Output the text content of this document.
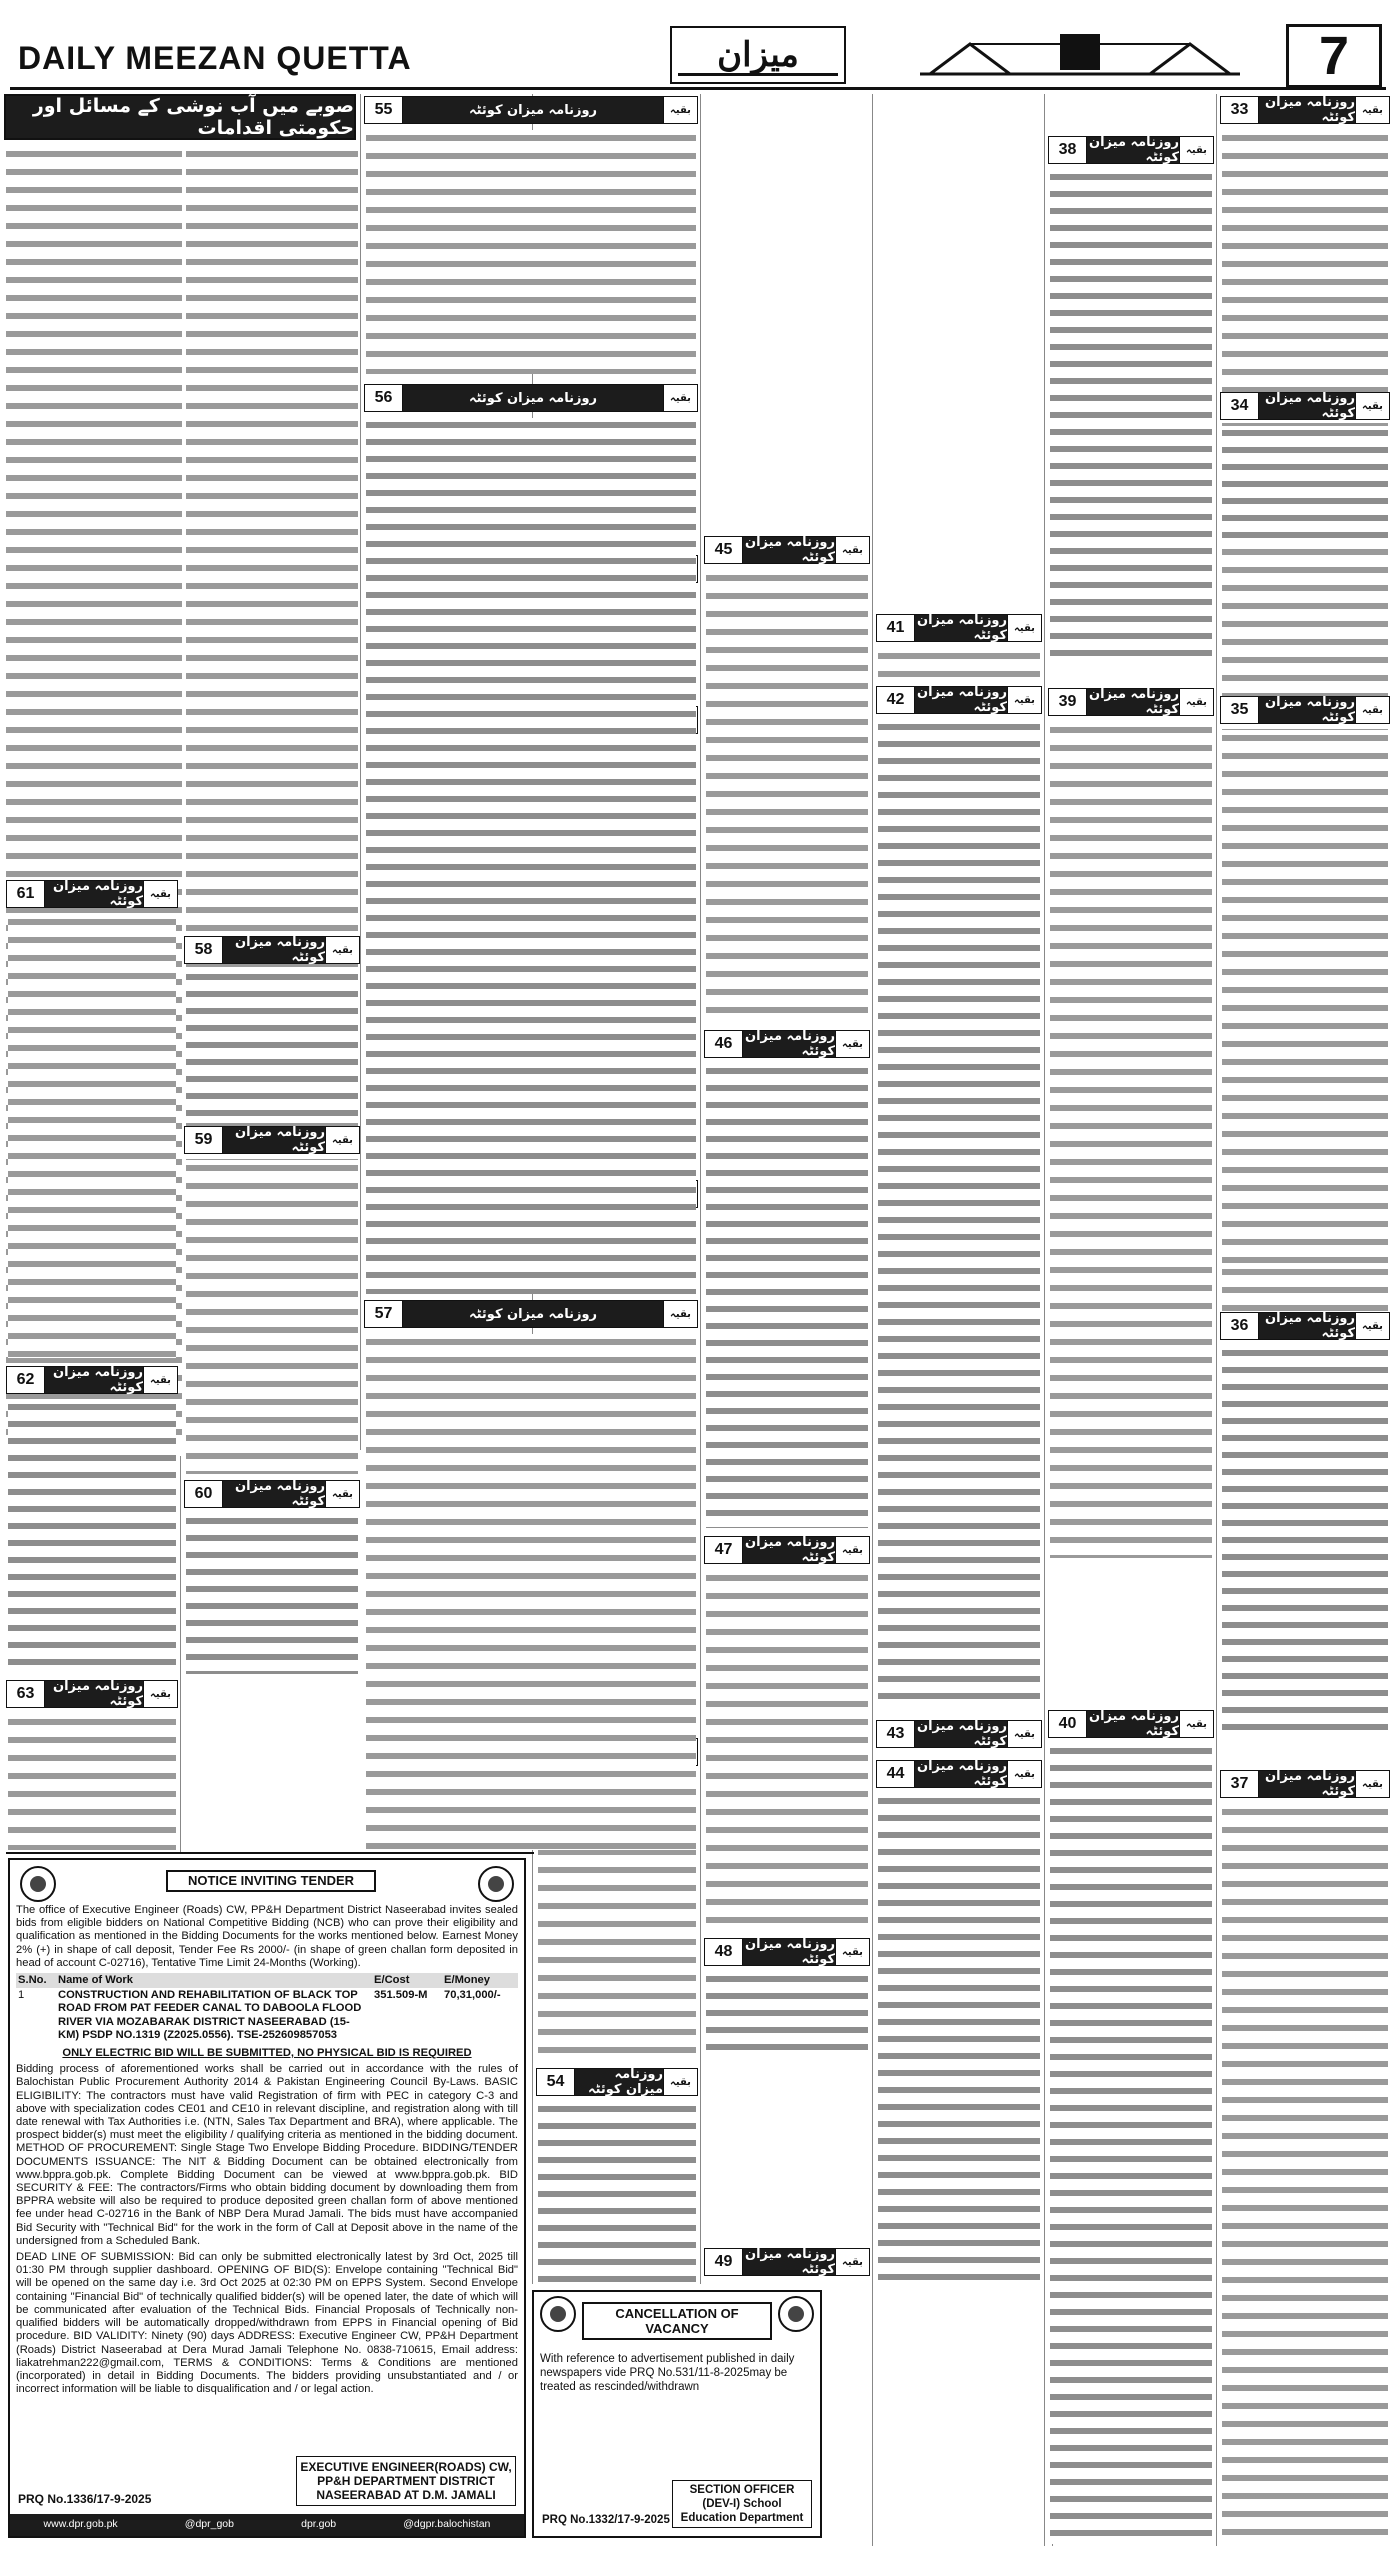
DAILY MEEZAN QUETTA	میزان	7
صوبے میں آب نوشی کے مسائل اور حکومتی اقدامات
33	روزنامہ میزان کوئٹہ بقیہ
34	روزنامہ میزان کوئٹہ بقیہ
35	روزنامہ میزان کوئٹہ بقیہ
36	روزنامہ میزان کوئٹہ بقیہ
37	روزنامہ میزان کوئٹہ بقیہ
38 روزنامہ میزان کوئٹہ بقیہ
39 روزنامہ میزان کوئٹہ بقیہ
40 روزنامہ میزان کوئٹہ بقیہ
41 روزنامہ میزان کوئٹہ بقیہ
42 روزنامہ میزان کوئٹہ بقیہ
43 روزنامہ میزان کوئٹہ بقیہ
44 روزنامہ میزان کوئٹہ بقیہ
45 روزنامہ میزان کوئٹہ بقیہ
46 روزنامہ میزان کوئٹہ بقیہ
47 روزنامہ میزان کوئٹہ بقیہ
48 روزنامہ میزان کوئٹہ بقیہ
49 روزنامہ میزان کوئٹہ بقیہ
54	روزنامہ میزان کوئٹہ بقیہ
55	روزنامہ میزان کوئٹہ	بقیہ
56	روزنامہ میزان کوئٹہ	بقیہ
57	روزنامہ میزان کوئٹہ	بقیہ
58	روزنامہ میزان کوئٹہ بقیہ
59	روزنامہ میزان کوئٹہ بقیہ
60	روزنامہ میزان کوئٹہ بقیہ
61	روزنامہ میزان کوئٹہ بقیہ
62	روزنامہ میزان کوئٹہ بقیہ
63	روزنامہ میزان کوئٹہ بقیہ
NOTICE INVITING TENDER

The office of Executive Engineer (Roads) CW, PP&H Department District Naseerabad invites sealed bids from eligible bidders on National Competitive Bidding (NCB) who can prove their eligibility and qualification as mentioned in the Bidding Documents for the works mentioned below. Earnest Money 2% (+) in shape of call deposit, Tender Fee Rs 2000/- (in shape of green challan form deposited in head of account C-02716), Tentative Time Limit 24-Months (Working).

S.No.	Name of Work	E/Cost	E/Money
1	CONSTRUCTION AND REHABILITATION OF BLACK TOP ROAD FROM PAT FEEDER CANAL TO DABOOLA FLOOD RIVER VIA MOZABARAK DISTRICT NASEERABAD (15-KM) PSDP NO.1319 (Z2025.0556). TSE-252609857053	351.509-M	70,31,000/-

ONLY ELECTRIC BID WILL BE SUBMITTED, NO PHYSICAL BID IS REQUIRED

Bidding process of aforementioned works shall be carried out in accordance with the rules of Balochistan Public Procurement Authority 2014 & Pakistan Engineering Council By-Laws. BASIC ELIGIBILITY: The contractors must have valid Registration of firm with PEC in category C-3 and above with specialization codes CE01 and CE10 in relevant discipline, and registration along with till date renewal with Tax Authorities i.e. (NTN, Sales Tax Department and BRA), where applicable. The prospect bidder(s) must meet the eligibility / qualifying criteria as mentioned in the bidding document. METHOD OF PROCUREMENT: Single Stage Two Envelope Bidding Procedure. BIDDING/TENDER DOCUMENTS ISSUANCE: The NIT & Bidding Document can be obtained electronically from www.bppra.gob.pk. Complete Bidding Document can be viewed at www.bppra.gob.pk. BID SECURITY & FEE: The contractors/Firms who obtain bidding document by downloading them from BPPRA website will also be required to produce deposited green challan form of above mentioned fee under head C-02716 in the Bank of NBP Dera Murad Jamali. The bids must have accompanied Bid Security with "Technical Bid" for the work in the form of Call at Deposit above in the name of the undersigned from a Scheduled Bank.

DEAD LINE OF SUBMISSION: Bid can only be submitted electronically latest by 3rd Oct, 2025 till 01:30 PM through supplier dashboard. OPENING OF BID(S): Envelope containing "Technical Bid" will be opened on the same day i.e. 3rd Oct 2025 at 02:30 PM on EPPS System. Second Envelope containing "Financial Bid" of technically qualified bidder(s) will be opened later, the date of which will be communicated after evaluation of the Technical Bids. Financial Proposals of Technically non-qualified bidders will be automatically dropped/withdrawn from EPPS in Financial opening of Bid procedure. BID VALIDITY: Ninety (90) days ADDRESS: Executive Engineer CW, PP&H Department (Roads) District Naseerabad at Dera Murad Jamali Telephone No. 0838-710615, Email address: liakatrehman222@gmail.com, TERMS & CONDITIONS: Terms & Conditions are mentioned (incorporated) in detail in Bidding Documents. The bidders providing unsubstantiated and / or incorrect information will be liable to disqualification and / or legal action.

PRQ No.1336/17-9-2025
EXECUTIVE ENGINEER(ROADS) CW, PP&H DEPARTMENT DISTRICT NASEERABAD AT D.M. JAMALI
www.dpr.gob.pk	@dpr_gob	dpr.gob	@dgpr.balochistan
CANCELLATION OF VACANCY

With reference to advertisement published in daily newspapers vide PRQ No.531/11-8-2025may be treated as rescinded/withdrawn

PRQ No.1332/17-9-2025
SECTION OFFICER (DEV-I) School Education Department
